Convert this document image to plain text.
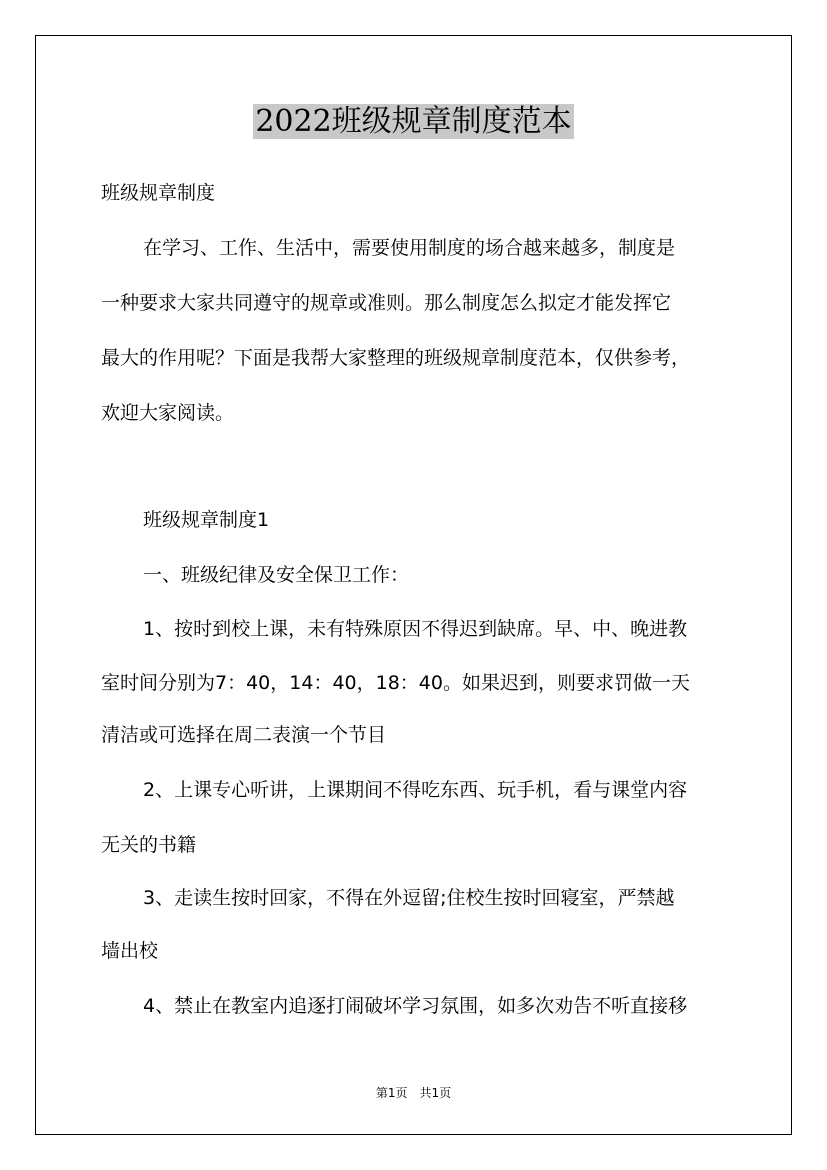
2022班级规章制度范本
班级规章制度
在学习、工作、生活中，需要使用制度的场合越来越多，制度是
一种要求大家共同遵守的规章或准则。那么制度怎么拟定才能发挥它
最大的作用呢？下面是我帮大家整理的班级规章制度范本，仅供参考，
欢迎大家阅读。
班级规章制度1
一、班级纪律及安全保卫工作：
1、按时到校上课，未有特殊原因不得迟到缺席。早、中、晚进教
室时间分别为7：40，14：40，18：40。如果迟到，则要求罚做一天
清洁或可选择在周二表演一个节目
2、上课专心听讲，上课期间不得吃东西、玩手机，看与课堂内容
无关的书籍
3、走读生按时回家，不得在外逗留;住校生按时回寝室，严禁越
墙出校
4、禁止在教室内追逐打闹破坏学习氛围，如多次劝告不听直接移
第1页　共1页
